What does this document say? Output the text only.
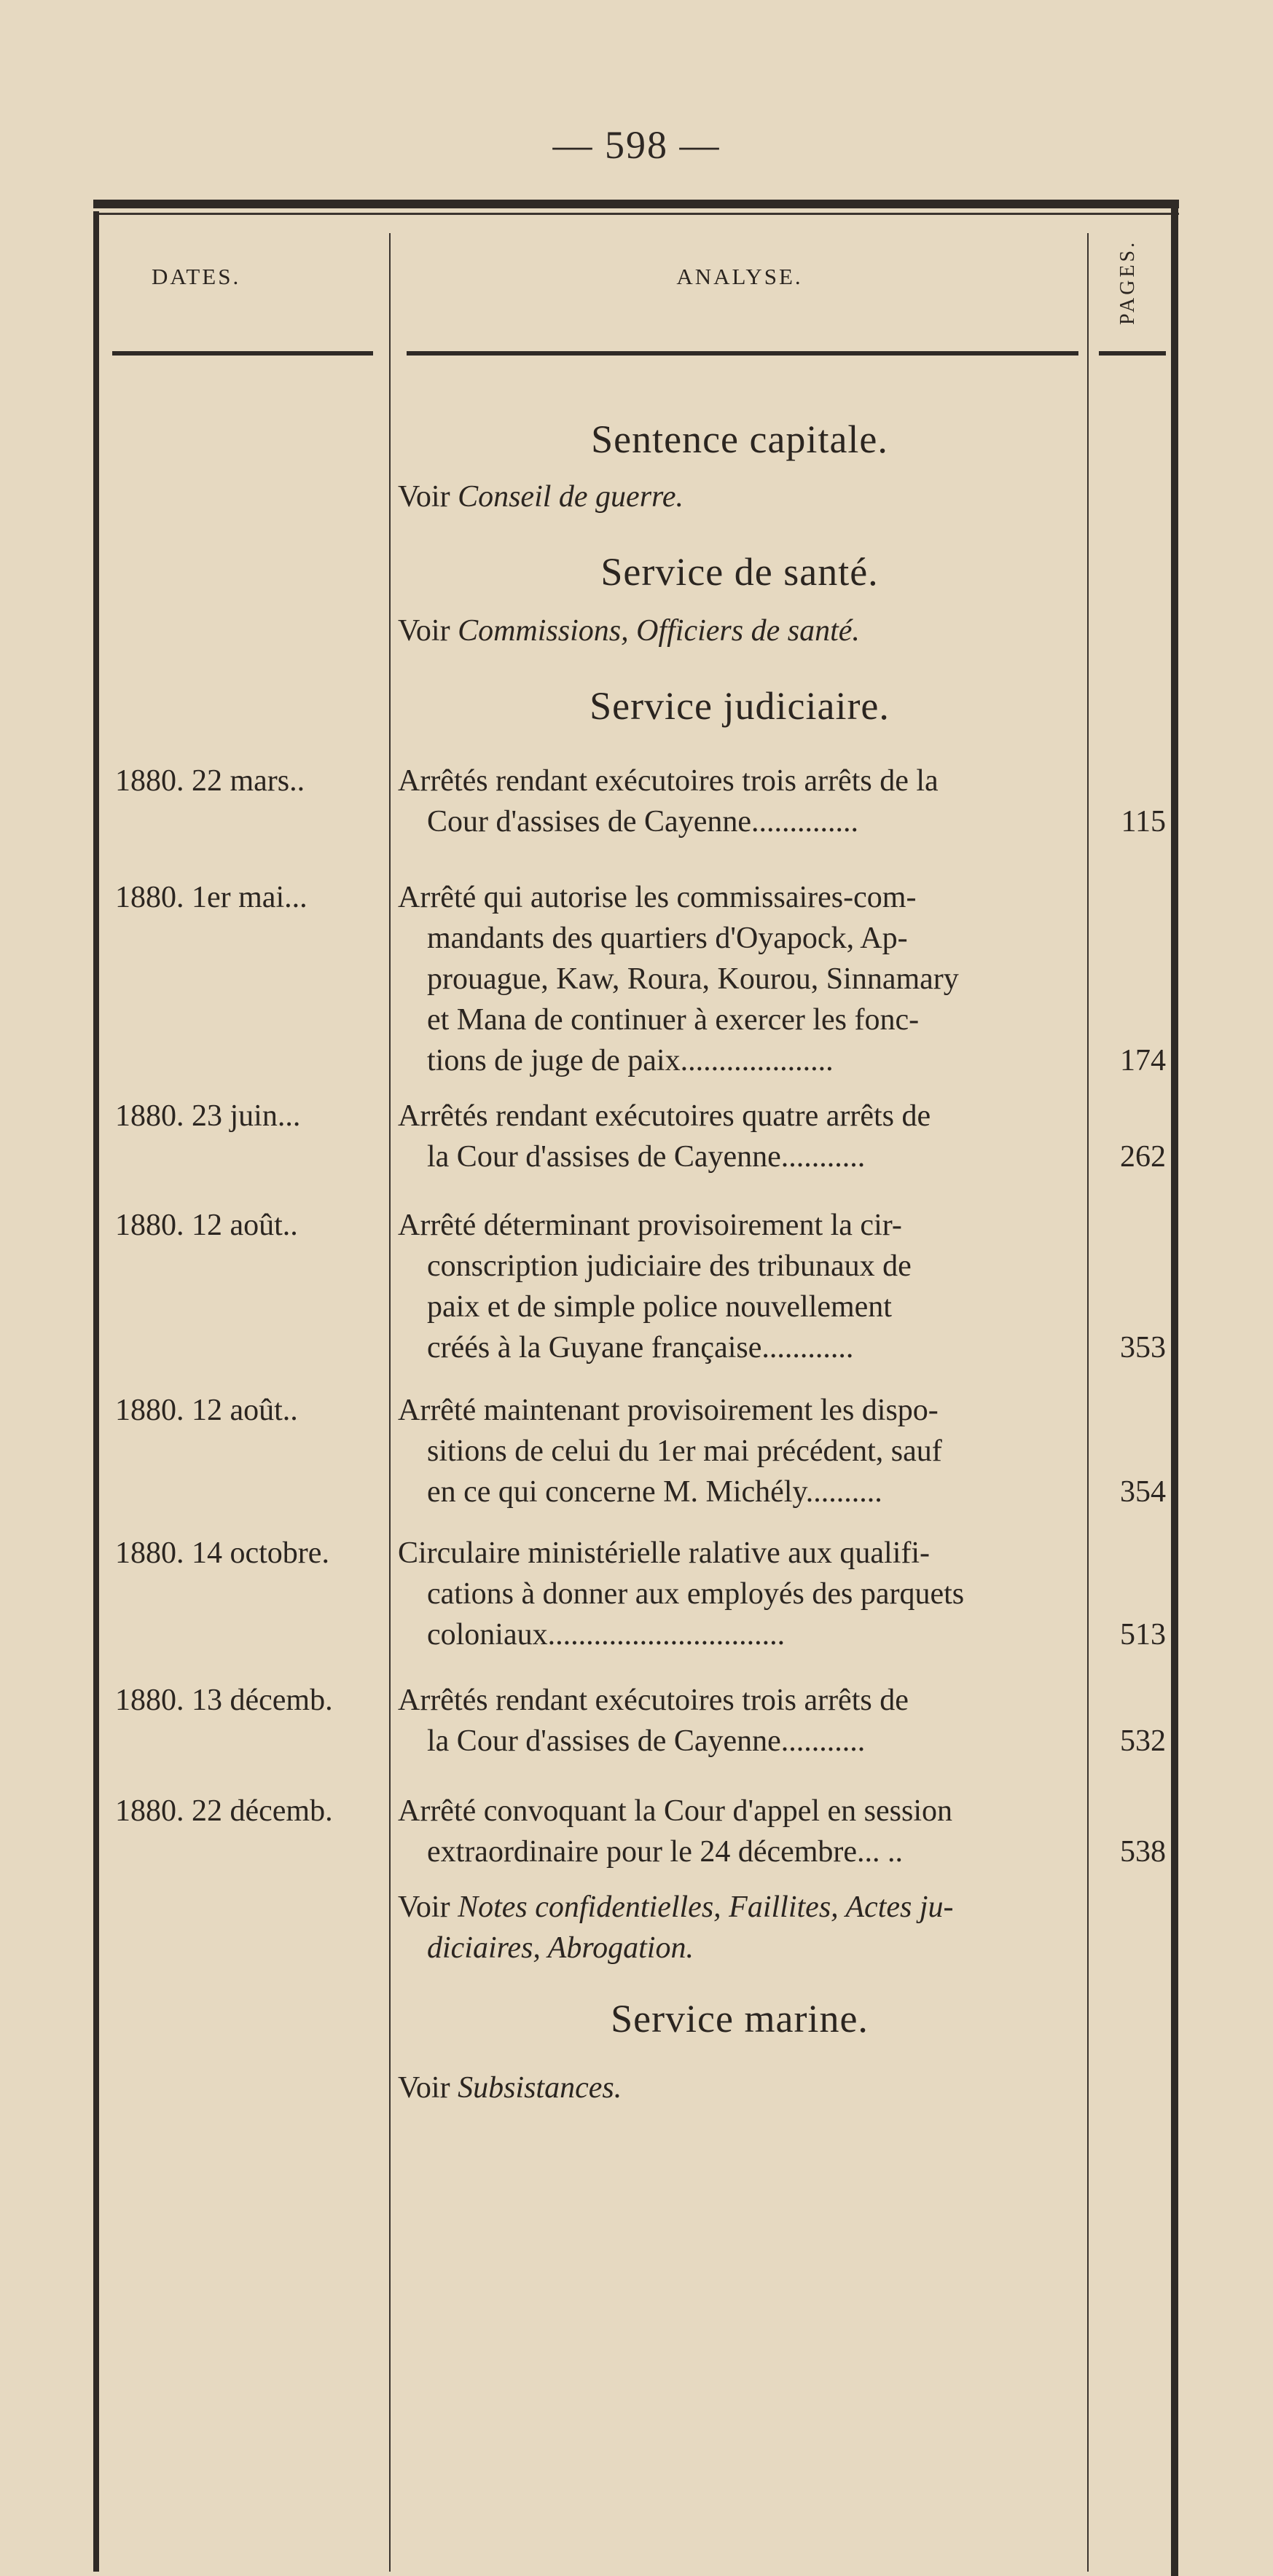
— 598 —
DATES.	ANALYSE.	PAGES.
Sentence capitale.
Voir Conseil de guerre.
Service de santé.
Voir Commissions, Officiers de santé.
Service judiciaire.
1880. 22 mars..	Arrêtés rendant exécutoires trois arrêts de la
Cour d'assises de Cayenne..............	115
1880. 1er mai...	Arrêté qui autorise les commissaires-com-
mandants des quartiers d'Oyapock, Ap-
prouague, Kaw, Roura, Kourou, Sinnamary
et Mana de continuer à exercer les fonc-
tions de juge de paix....................	174
1880. 23 juin...	Arrêtés rendant exécutoires quatre arrêts de
la Cour d'assises de Cayenne...........	262
1880. 12 août..	Arrêté déterminant provisoirement la cir-
conscription judiciaire des tribunaux de
paix et de simple police nouvellement
créés à la Guyane française............	353
1880. 12 août..	Arrêté maintenant provisoirement les dispo-
sitions de celui du 1er mai précédent, sauf
en ce qui concerne M. Michély..........	354
1880. 14 octobre.	Circulaire ministérielle ralative aux qualifi-
cations à donner aux employés des parquets
coloniaux...............................	513
1880. 13 décemb.	Arrêtés rendant exécutoires trois arrêts de
la Cour d'assises de Cayenne...........	532
1880. 22 décemb.	Arrêté convoquant la Cour d'appel en session
extraordinaire pour le 24 décembre... ..	538
Voir Notes confidentielles, Faillites, Actes ju-
diciaires, Abrogation.
Service marine.
Voir Subsistances.
